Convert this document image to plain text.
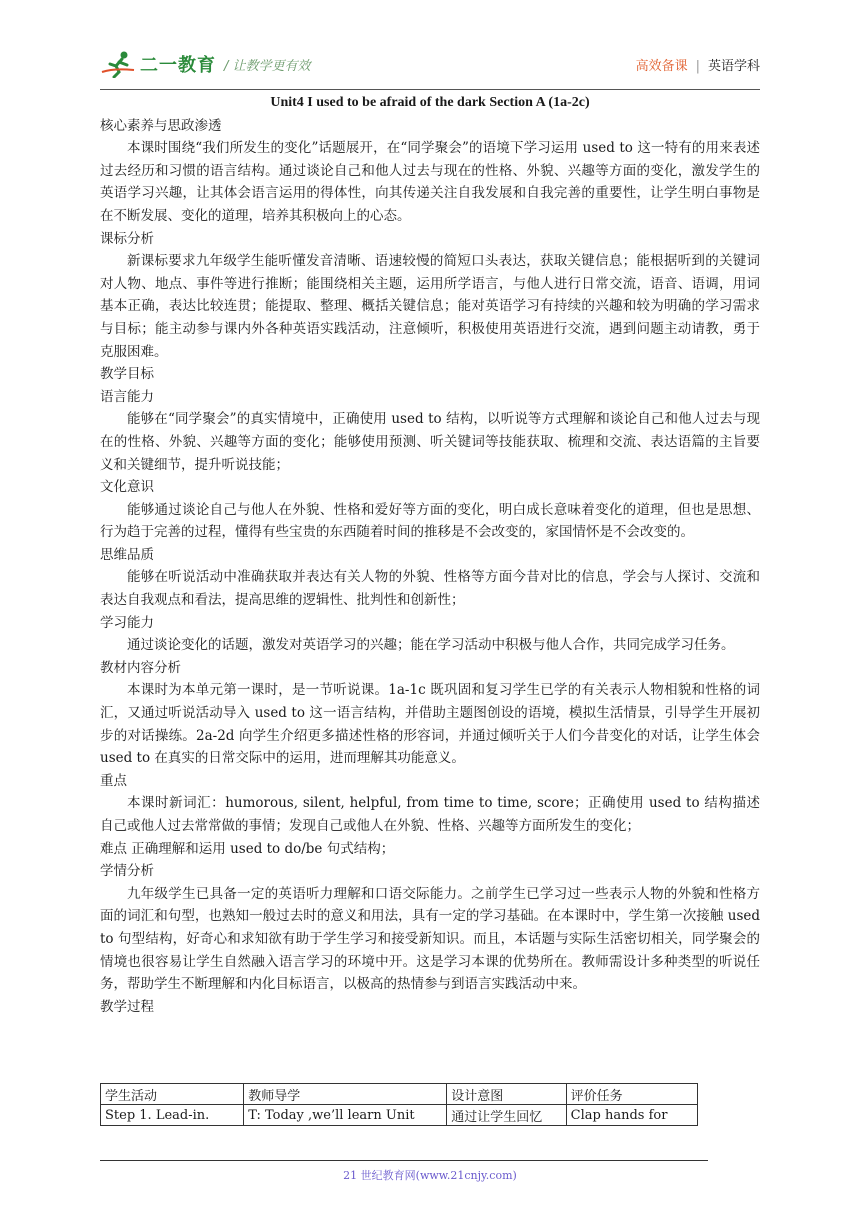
二一教育 / 让教学更有效	高效备课 | 英语学科
Unit4 I used to be afraid of the dark Section A (1a-2c)

核心素养与思政渗透

本课时围绕“我们所发生的变化”话题展开，在“同学聚会”的语境下学习运用 used to 这一特有的用来表述过去经历和习惯的语言结构。通过谈论自己和他人过去与现在的性格、外貌、兴趣等方面的变化，激发学生的英语学习兴趣，让其体会语言运用的得体性，向其传递关注自我发展和自我完善的重要性，让学生明白事物是在不断发展、变化的道理，培养其积极向上的心态。

课标分析

新课标要求九年级学生能听懂发音清晰、语速较慢的简短口头表达，获取关键信息；能根据听到的关键词对人物、地点、事件等进行推断；能围绕相关主题，运用所学语言，与他人进行日常交流，语音、语调，用词基本正确，表达比较连贯；能提取、整理、概括关键信息；能对英语学习有持续的兴趣和较为明确的学习需求与目标；能主动参与课内外各种英语实践活动，注意倾听，积极使用英语进行交流，遇到问题主动请教，勇于克服困难。

教学目标

语言能力

能够在“同学聚会”的真实情境中，正确使用 used to 结构，以听说等方式理解和谈论自己和他人过去与现在的性格、外貌、兴趣等方面的变化；能够使用预测、听关键词等技能获取、梳理和交流、表达语篇的主旨要义和关键细节，提升听说技能；

文化意识

能够通过谈论自己与他人在外貌、性格和爱好等方面的变化，明白成长意味着变化的道理，但也是思想、行为趋于完善的过程，懂得有些宝贵的东西随着时间的推移是不会改变的，家国情怀是不会改变的。

思维品质

能够在听说活动中准确获取并表达有关人物的外貌、性格等方面今昔对比的信息，学会与人探讨、交流和表达自我观点和看法，提高思维的逻辑性、批判性和创新性；

学习能力

通过谈论变化的话题，激发对英语学习的兴趣；能在学习活动中积极与他人合作，共同完成学习任务。

教材内容分析

本课时为本单元第一课时，是一节听说课。1a-1c 既巩固和复习学生已学的有关表示人物相貌和性格的词汇，又通过听说活动导入 used to 这一语言结构，并借助主题图创设的语境，模拟生活情景，引导学生开展初步的对话操练。2a-2d 向学生介绍更多描述性格的形容词，并通过倾听关于人们今昔变化的对话，让学生体会 used to 在真实的日常交际中的运用，进而理解其功能意义。

重点

本课时新词汇：humorous, silent, helpful, from time to time, score；正确使用 used to 结构描述自己或他人过去常常做的事情；发现自己或他人在外貌、性格、兴趣等方面所发生的变化；

难点 正确理解和运用 used to do/be 句式结构；

学情分析

九年级学生已具备一定的英语听力理解和口语交际能力。之前学生已学习过一些表示人物的外貌和性格方面的词汇和句型，也熟知一般过去时的意义和用法，具有一定的学习基础。在本课时中，学生第一次接触 used to 句型结构，好奇心和求知欲有助于学生学习和接受新知识。而且，本话题与实际生活密切相关，同学聚会的情境也很容易让学生自然融入语言学习的环境中开。这是学习本课的优势所在。教师需设计多种类型的听说任务，帮助学生不断理解和内化目标语言，以极高的热情参与到语言实践活动中来。

教学过程

学生活动	教师导学	设计意图	评价任务
Step 1. Lead-in.	T: Today ,we’ll learn Unit	通过让学生回忆	Clap hands for
21 世纪教育网(www.21cnjy.com)
